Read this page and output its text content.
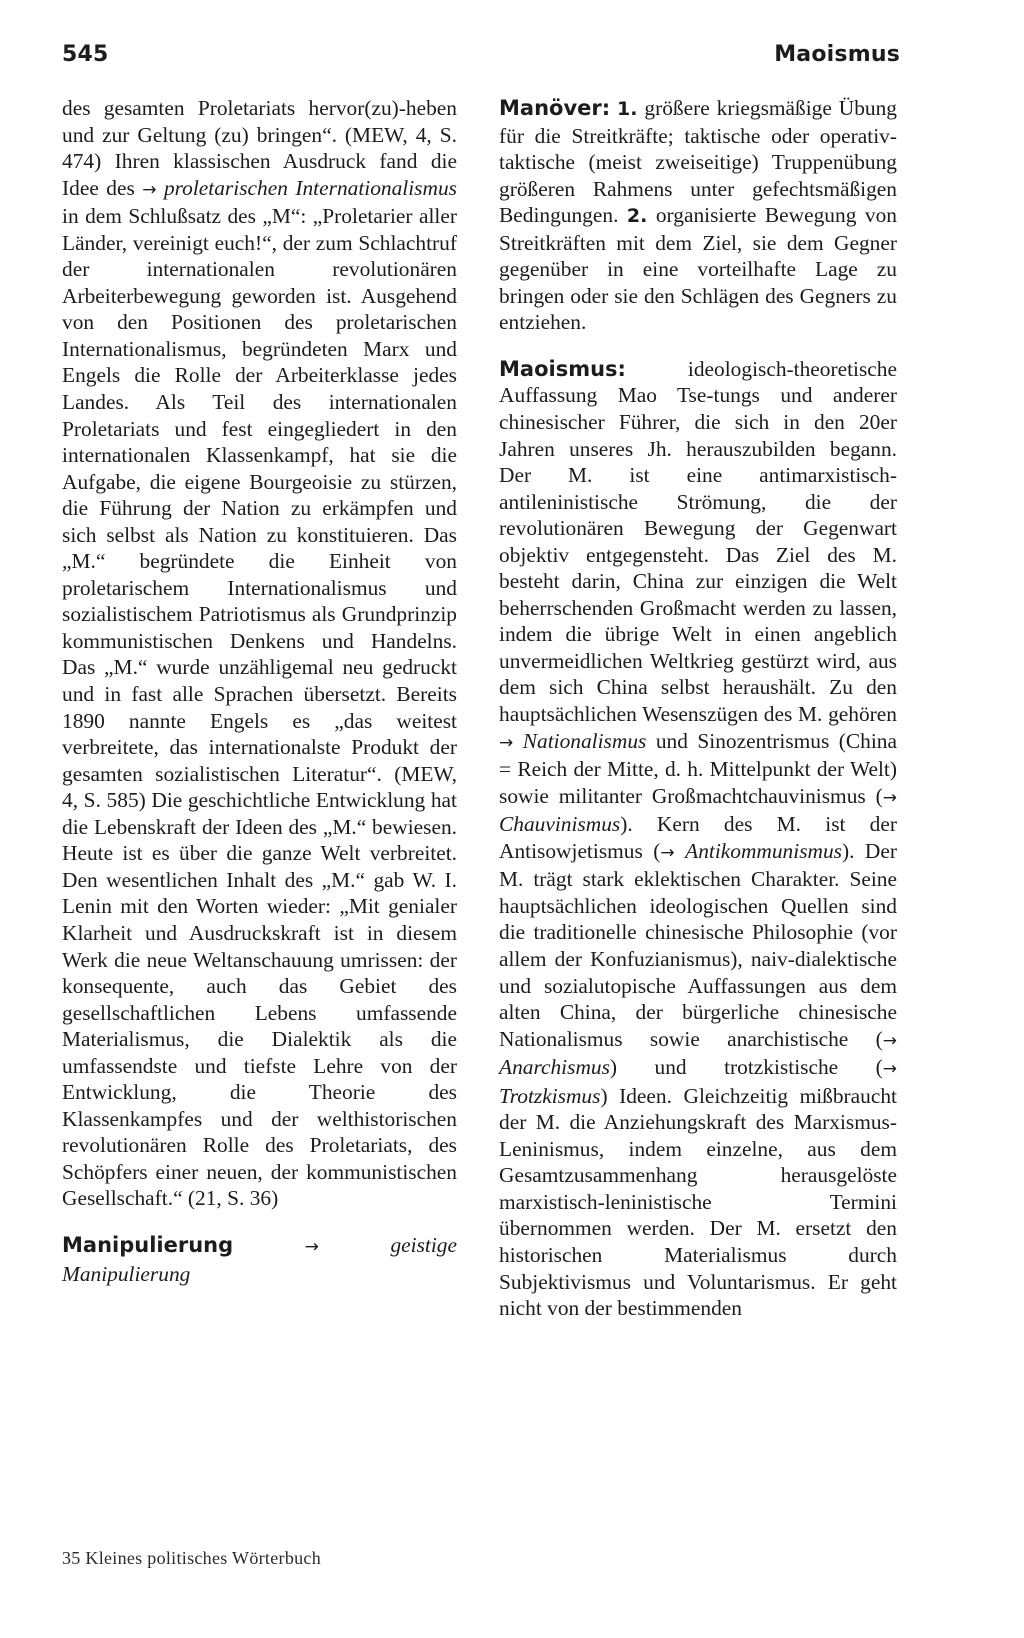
545	Maoismus

des gesamten Proletariats hervor(zu)-heben und zur Geltung (zu) bringen“. (MEW, 4, S. 474) Ihren klassischen Ausdruck fand die Idee des → proletarischen Internationalismus in dem Schlußsatz des „M“: „Proletarier aller Länder, vereinigt euch!“, der zum Schlachtruf der internationalen revolutionären Arbeiterbewegung geworden ist. Ausgehend von den Positionen des proletarischen Internationalismus, begründeten Marx und Engels die Rolle der Arbeiterklasse jedes Landes. Als Teil des internationalen Proletariats und fest eingegliedert in den internationalen Klassenkampf, hat sie die Aufgabe, die eigene Bourgeoisie zu stürzen, die Führung der Nation zu erkämpfen und sich selbst als Nation zu konstituieren. Das „M.“ begründete die Einheit von proletarischem Internationalismus und sozialistischem Patriotismus als Grundprinzip kommunistischen Denkens und Handelns. Das „M.“ wurde unzähligemal neu gedruckt und in fast alle Sprachen übersetzt. Bereits 1890 nannte Engels es „das weitest verbreitete, das internationalste Produkt der gesamten sozialistischen Literatur“. (MEW, 4, S. 585) Die geschichtliche Entwicklung hat die Lebenskraft der Ideen des „M.“ bewiesen. Heute ist es über die ganze Welt verbreitet. Den wesentlichen Inhalt des „M.“ gab W. I. Lenin mit den Worten wieder: „Mit genialer Klarheit und Ausdruckskraft ist in diesem Werk die neue Weltanschauung umrissen: der konsequente, auch das Gebiet des gesellschaftlichen Lebens umfassende Materialismus, die Dialektik als die umfassendste und tiefste Lehre von der Entwicklung, die Theorie des Klassenkampfes und der welthistorischen revolutionären Rolle des Proletariats, des Schöpfers einer neuen, der kommunistischen Gesellschaft.“ (21, S. 36)

Manipulierung	→	geistige Manipulierung

Manöver: 1. größere kriegsmäßige Übung für die Streitkräfte; taktische oder operativ-taktische (meist zweiseitige) Truppenübung größeren Rahmens unter gefechtsmäßigen Bedingungen. 2. organisierte Bewegung von Streitkräften mit dem Ziel, sie dem Gegner gegenüber in eine vorteilhafte Lage zu bringen oder sie den Schlägen des Gegners zu entziehen.

Maoismus:	ideologisch-theoretische Auffassung Mao Tse-tungs und anderer chinesischer Führer, die sich in den 20er Jahren unseres Jh. herauszubilden begann. Der M. ist eine antimarxistisch-antileninistische Strömung, die der revolutionären Bewegung der Gegenwart objektiv entgegensteht. Das Ziel des M. besteht darin, China zur einzigen die Welt beherrschenden Großmacht werden zu lassen, indem die übrige Welt in einen angeblich unvermeidlichen Weltkrieg gestürzt wird, aus dem sich China selbst heraushält. Zu den hauptsächlichen Wesenszügen des M. gehören → Nationalismus und Sinozentrismus (China = Reich der Mitte, d. h. Mittelpunkt der Welt) sowie militanter Großmachtchauvinismus (→ Chauvinismus). Kern des M. ist der Antisowjetismus (→ Antikommunismus). Der M. trägt stark eklektischen Charakter. Seine hauptsächlichen ideologischen Quellen sind die traditionelle chinesische Philosophie (vor allem der Konfuzianismus), naiv-dialektische und sozialutopische Auffassungen aus dem alten China, der bürgerliche chinesische Nationalismus sowie anarchistische (→ Anarchismus) und trotzkistische (→ Trotzkismus) Ideen. Gleichzeitig mißbraucht der M. die Anziehungskraft des Marxismus-Leninismus, indem einzelne, aus dem Gesamtzusammenhang herausgelöste marxistisch-leninistische Termini übernommen werden. Der M. ersetzt den historischen Materialismus durch Subjektivismus und Voluntarismus. Er geht nicht von der bestimmenden

35 Kleines politisches Wörterbuch
